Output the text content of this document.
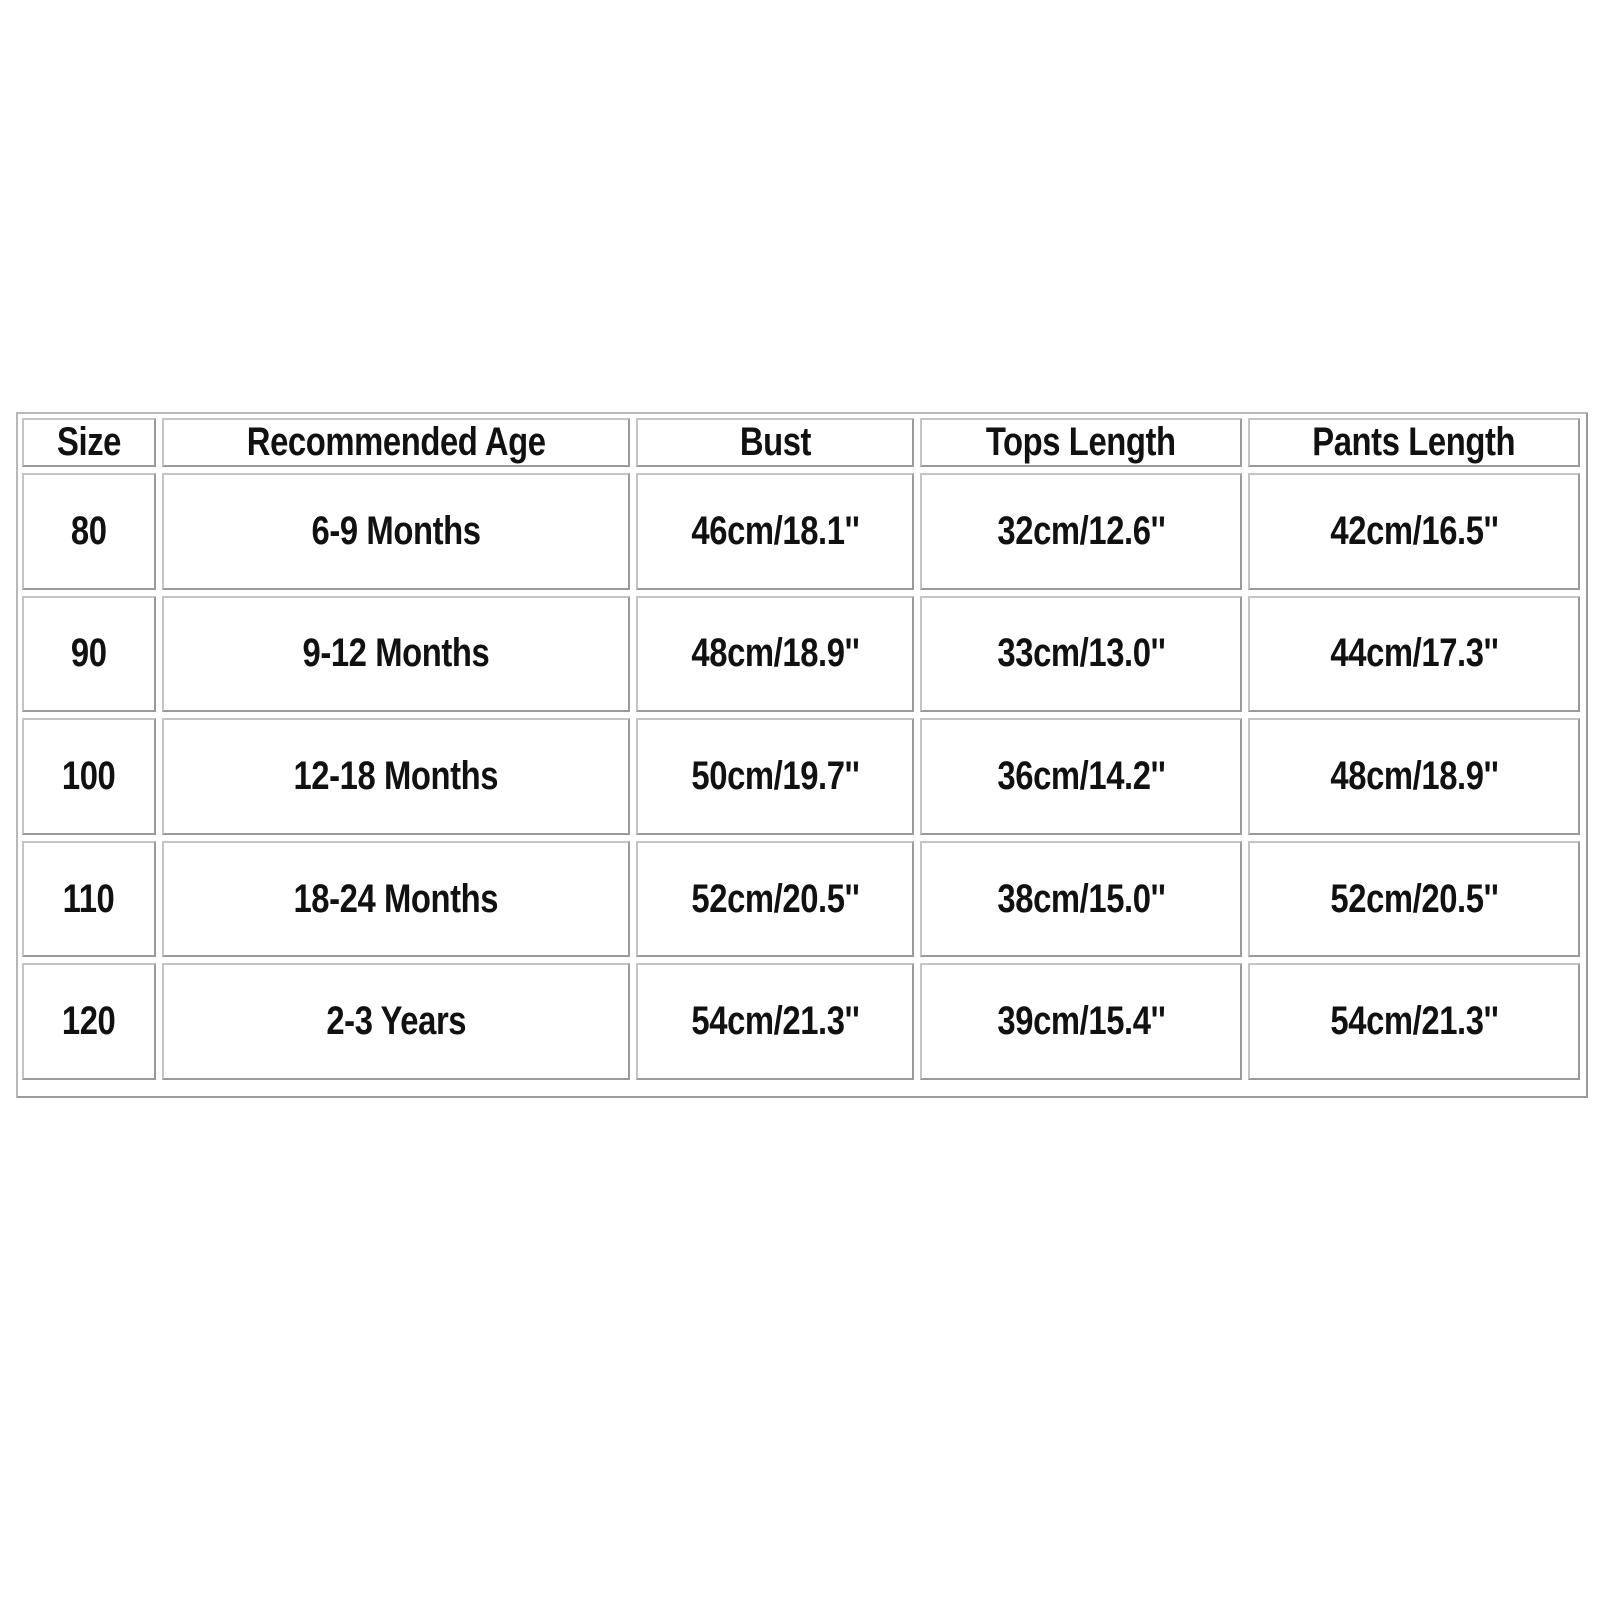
Size	Recommended Age	Bust	Tops Length	Pants Length
80	6-9 Months	46cm/18.1''	32cm/12.6''	42cm/16.5''
90	9-12 Months	48cm/18.9''	33cm/13.0''	44cm/17.3''
100	12-18 Months	50cm/19.7''	36cm/14.2''	48cm/18.9''
110	18-24 Months	52cm/20.5''	38cm/15.0''	52cm/20.5''
120	2-3 Years	54cm/21.3''	39cm/15.4''	54cm/21.3''
